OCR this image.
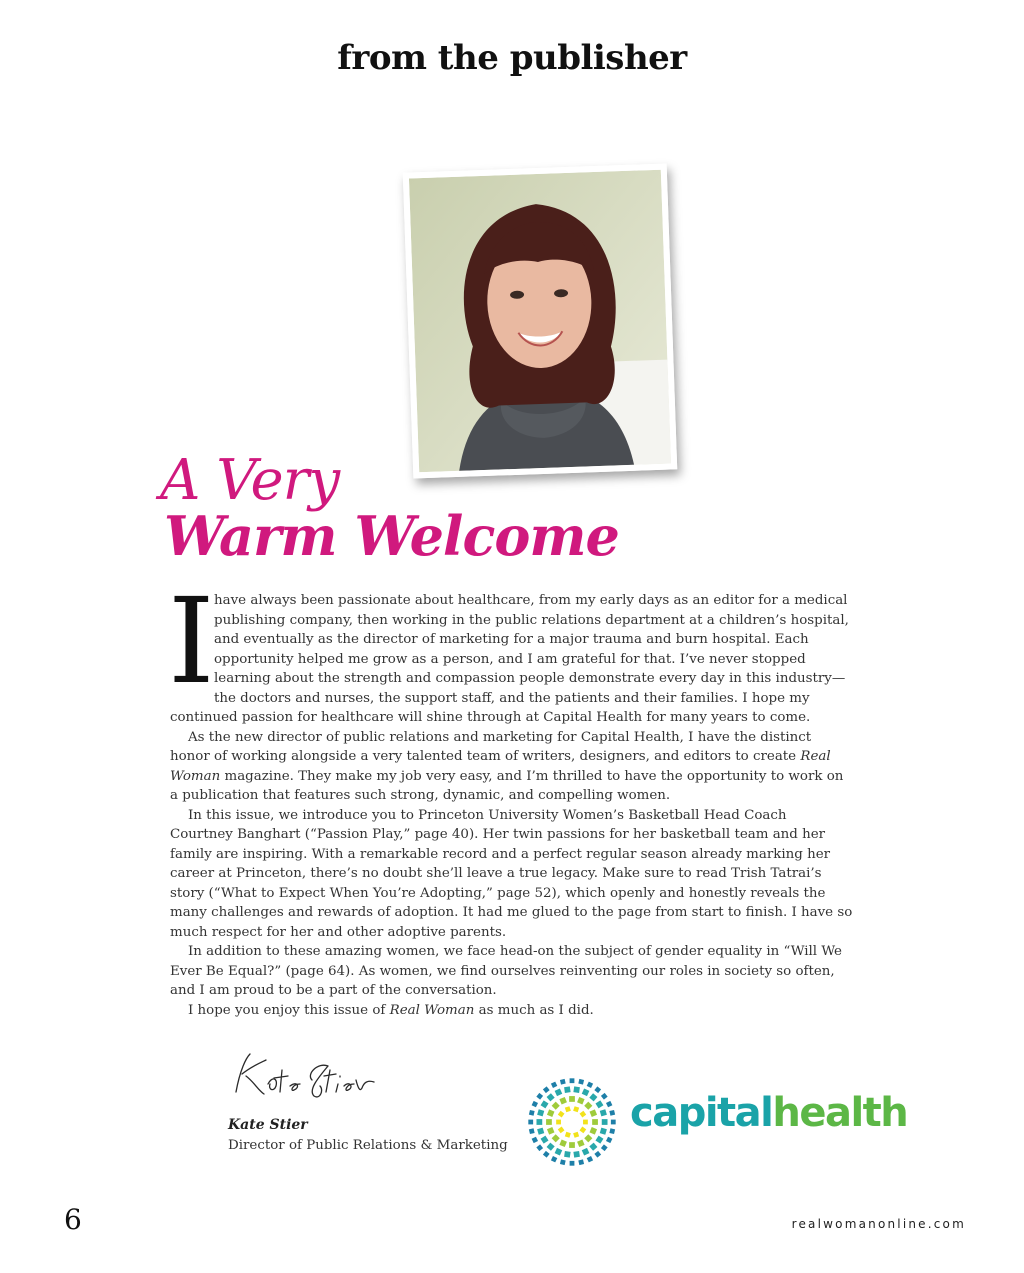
from the publisher
A Very
Warm Welcome

Ihave always been passionate about healthcare, from my early days as an editor for a medical publishing company, then working in the public relations department at a children’s hospital, and eventually as the director of marketing for a major trauma and burn hospital. Each opportunity helped me grow as a person, and I am grateful for that. I’ve never stopped learning about the strength and compassion people demonstrate every day in this industry—the doctors and nurses, the support staff, and the patients and their families. I hope my continued passion for healthcare will shine through at Capital Health for many years to come.

As the new director of public relations and marketing for Capital Health, I have the distinct honor of working alongside a very talented team of writers, designers, and editors to create Real Woman magazine. They make my job very easy, and I’m thrilled to have the opportunity to work on a publication that features such strong, dynamic, and compelling women.

In this issue, we introduce you to Princeton University Women’s Basketball Head Coach Courtney Banghart (“Passion Play,” page 40). Her twin passions for her basketball team and her family are inspiring. With a remarkable record and a perfect regular season already marking her career at Princeton, there’s no doubt she’ll leave a true legacy. Make sure to read Trish Tatrai’s story (“What to Expect When You’re Adopting,” page 52), which openly and honestly reveals the many challenges and rewards of adoption. It had me glued to the page from start to finish. I have so much respect for her and other adoptive parents.

In addition to these amazing women, we face head-on the subject of gender equality in “Will We Ever Be Equal?” (page 64). As women, we find ourselves reinventing our roles in society so often, and I am proud to be a part of the conversation.

I hope you enjoy this issue of Real Woman as much as I did.

Kate Stier
Director of Public Relations & Marketing
capitalhealth
6	realwomanonline.com
